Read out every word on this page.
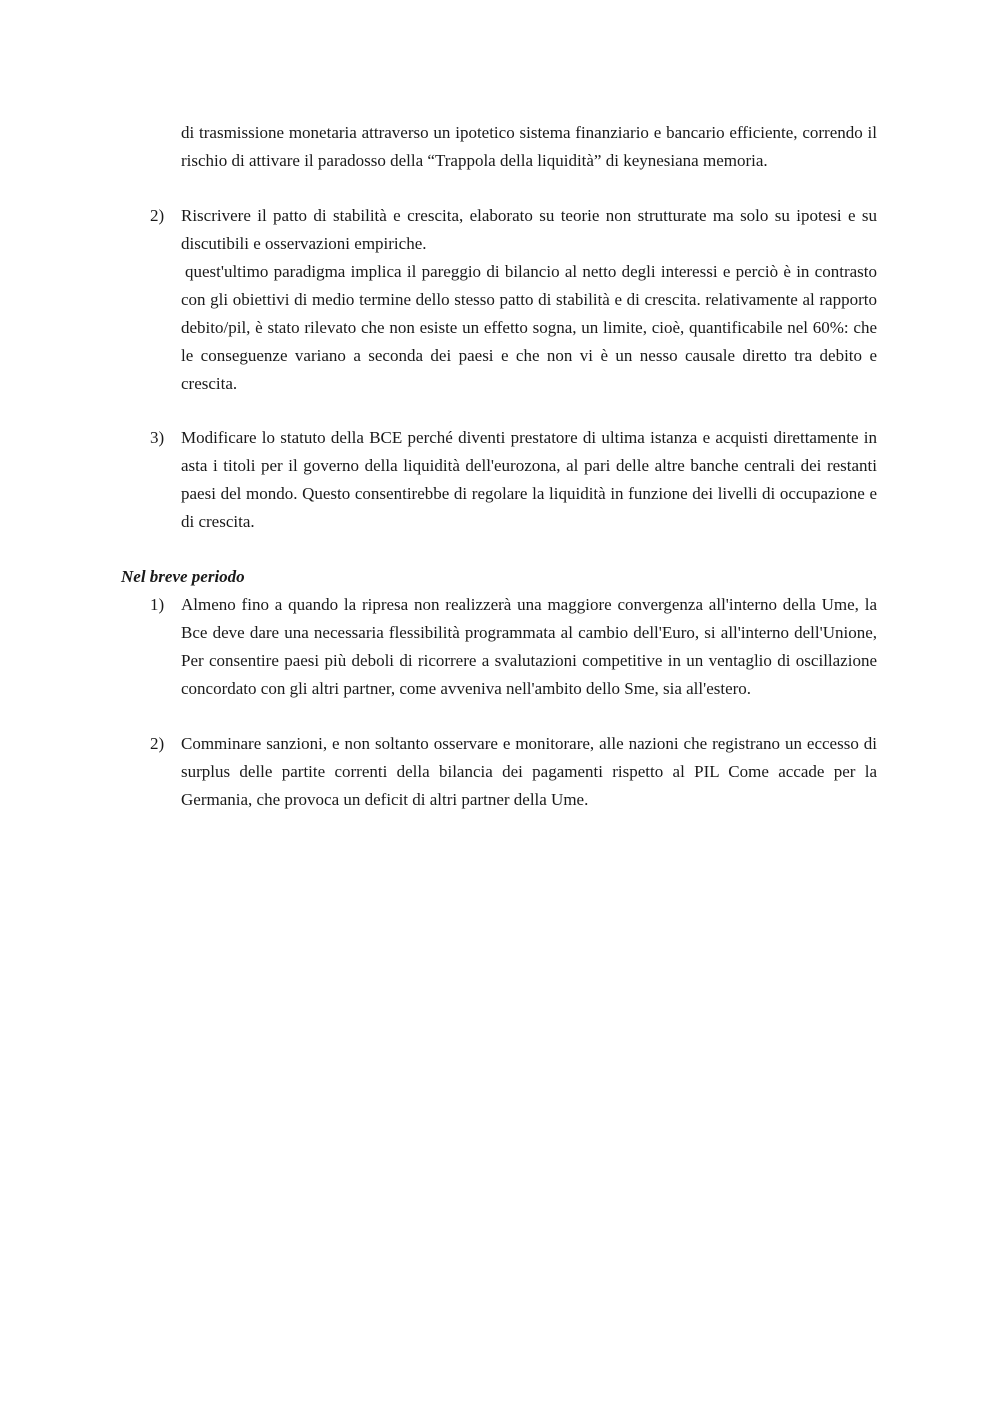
di trasmissione monetaria attraverso un ipotetico sistema finanziario e bancario efficiente, correndo il rischio di attivare il paradosso della “Trappola della liquidità” di keynesiana memoria.

2) Riscrivere il patto di stabilità e crescita, elaborato su teorie non strutturate ma solo su ipotesi e su discutibili e osservazioni empiriche.
quest'ultimo paradigma implica il pareggio di bilancio al netto degli interessi e perciò è in contrasto con gli obiettivi di medio termine dello stesso patto di stabilità e di crescita. relativamente al rapporto debito/pil, è stato rilevato che non esiste un effetto sogna, un limite, cioè, quantificabile nel 60%: che le conseguenze variano a seconda dei paesi e che non vi è un nesso causale diretto tra debito e crescita.
3) Modificare lo statuto della BCE perché diventi prestatore di ultima istanza e acquisti direttamente in asta i titoli per il governo della liquidità dell'eurozona, al pari delle altre banche centrali dei restanti paesi del mondo. Questo consentirebbe di regolare la liquidità in funzione dei livelli di occupazione e di crescita.

Nel breve periodo
1) Almeno fino a quando la ripresa non realizzerà una maggiore convergenza all'interno della Ume, la Bce deve dare una necessaria flessibilità programmata al cambio dell'Euro, si all'interno dell'Unione, Per consentire paesi più deboli di ricorrere a svalutazioni competitive in un ventaglio di oscillazione concordato con gli altri partner, come avveniva nell'ambito dello Sme, sia all'estero.

2) Comminare sanzioni, e non soltanto osservare e monitorare, alle nazioni che registrano un eccesso di surplus delle partite correnti della bilancia dei pagamenti rispetto al PIL Come accade per la Germania, che provoca un deficit di altri partner della Ume.
